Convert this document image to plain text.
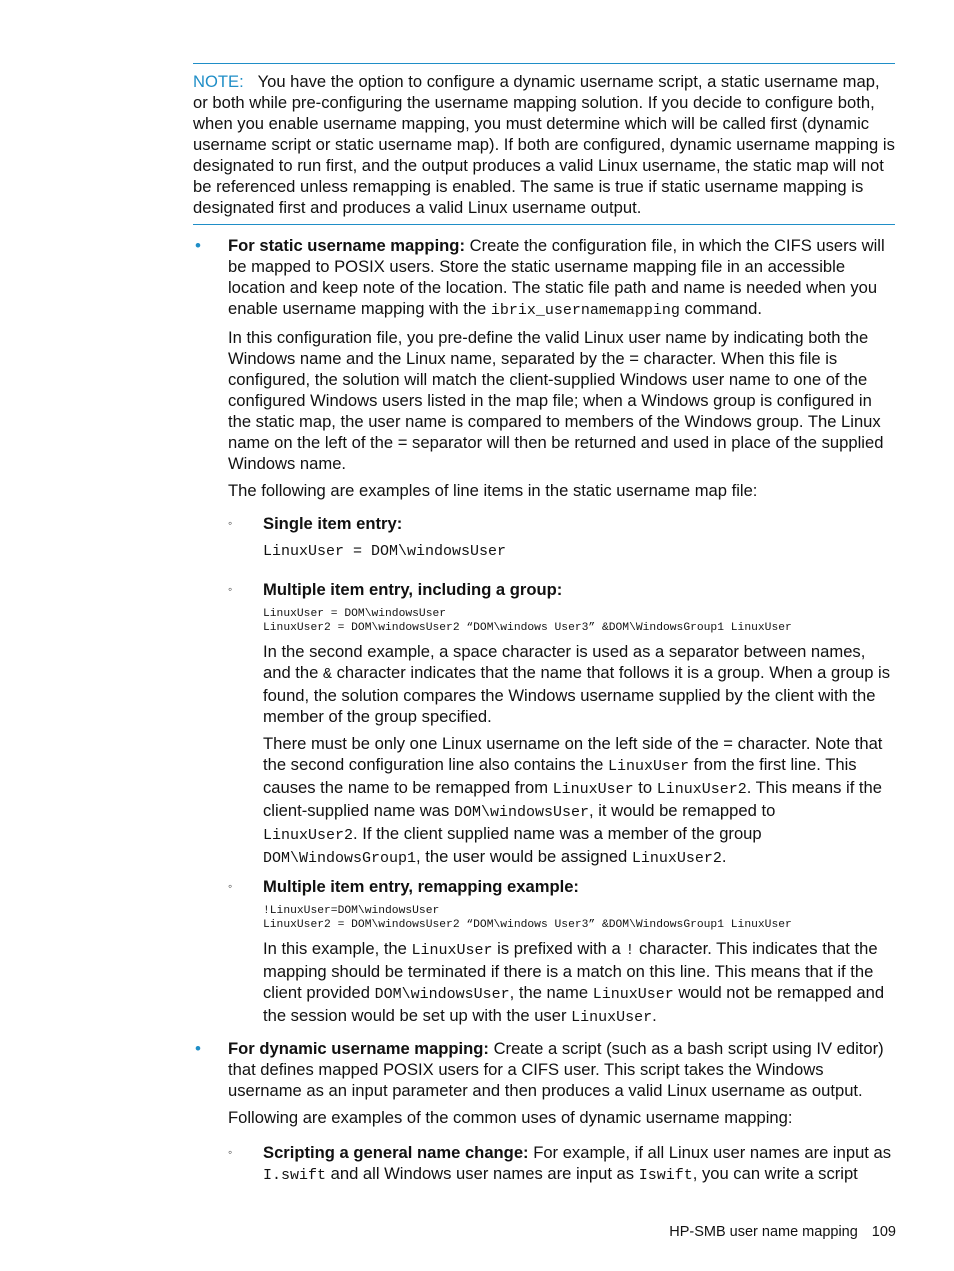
NOTE: You have the option to configure a dynamic username script, a static username map, or both while pre-configuring the username mapping solution. If you decide to configure both, when you enable username mapping, you must determine which will be called first (dynamic username script or static username map). If both are configured, dynamic username mapping is designated to run first, and the output produces a valid Linux username, the static map will not be referenced unless remapping is enabled. The same is true if static username mapping is designated first and produces a valid Linux username output.
• For static username mapping: Create the configuration file, in which the CIFS users will be mapped to POSIX users. Store the static username mapping file in an accessible location and keep note of the location. The static file path and name is needed when you enable username mapping with the ibrix_usernamemapping command.

In this configuration file, you pre-define the valid Linux user name by indicating both the Windows name and the Linux name, separated by the = character. When this file is configured, the solution will match the client-supplied Windows user name to one of the configured Windows users listed in the map file; when a Windows group is configured in the static map, the user name is compared to members of the Windows group. The Linux name on the left of the = separator will then be returned and used in place of the supplied Windows name.

The following are examples of line items in the static username map file:

◦ Single item entry:
LinuxUser = DOM\windowsUser
◦ Multiple item entry, including a group:
LinuxUser = DOM\windowsUser
LinuxUser2 = DOM\windowsUser2 “DOM\windows User3” &DOM\WindowsGroup1 LinuxUser

In the second example, a space character is used as a separator between names, and the & character indicates that the name that follows it is a group. When a group is found, the solution compares the Windows username supplied by the client with the member of the group specified.

There must be only one Linux username on the left side of the = character. Note that the second configuration line also contains the LinuxUser from the first line. This causes the name to be remapped from LinuxUser to LinuxUser2. This means if the client-supplied name was DOM\windowsUser, it would be remapped to
LinuxUser2. If the client supplied name was a member of the group
DOM\WindowsGroup1, the user would be assigned LinuxUser2.

◦ Multiple item entry, remapping example:
!LinuxUser=DOM\windowsUser
LinuxUser2 = DOM\windowsUser2 “DOM\windows User3” &DOM\WindowsGroup1 LinuxUser

In this example, the LinuxUser is prefixed with a ! character. This indicates that the mapping should be terminated if there is a match on this line. This means that if the client provided DOM\windowsUser, the name LinuxUser would not be remapped and the session would be set up with the user LinuxUser.

• For dynamic username mapping: Create a script (such as a bash script using IV editor) that defines mapped POSIX users for a CIFS user. This script takes the Windows username as an input parameter and then produces a valid Linux username as output.

Following are examples of the common uses of dynamic username mapping:

◦ Scripting a general name change: For example, if all Linux user names are input as I.swift and all Windows user names are input as Iswift, you can write a script
HP-SMB user name mapping 109
